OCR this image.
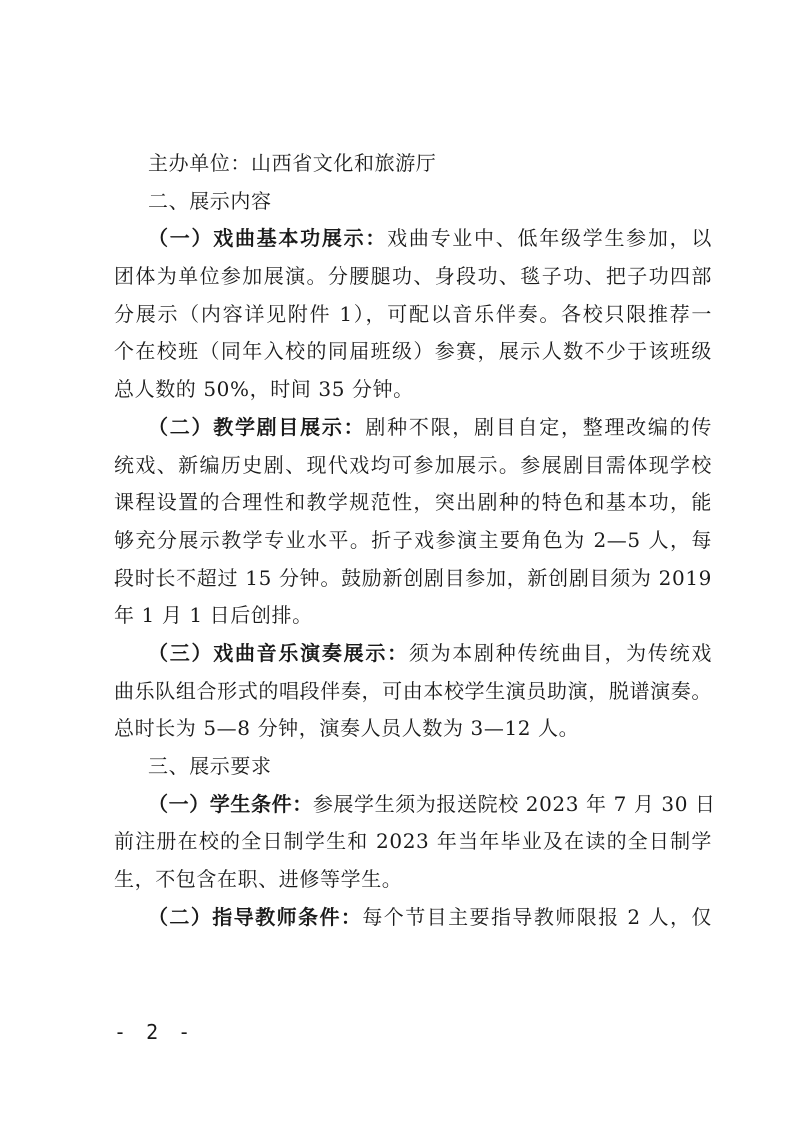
主办单位：山西省文化和旅游厅
二、展示内容
（一）戏曲基本功展示：戏曲专业中、低年级学生参加，以
团体为单位参加展演。分腰腿功、身段功、毯子功、把子功四部
分展示（内容详见附件 1），可配以音乐伴奏。各校只限推荐一
个在校班（同年入校的同届班级）参赛，展示人数不少于该班级
总人数的 50%，时间 35 分钟。
（二）教学剧目展示：剧种不限，剧目自定，整理改编的传
统戏、新编历史剧、现代戏均可参加展示。参展剧目需体现学校
课程设置的合理性和教学规范性，突出剧种的特色和基本功，能
够充分展示教学专业水平。折子戏参演主要角色为 2—5 人，每
段时长不超过 15 分钟。鼓励新创剧目参加，新创剧目须为 2019
年 1 月 1 日后创排。
（三）戏曲音乐演奏展示：须为本剧种传统曲目，为传统戏
曲乐队组合形式的唱段伴奏，可由本校学生演员助演，脱谱演奏。
总时长为 5—8 分钟，演奏人员人数为 3—12 人。
三、展示要求
（一）学生条件：参展学生须为报送院校 2023 年 7 月 30 日
前注册在校的全日制学生和 2023 年当年毕业及在读的全日制学
生，不包含在职、进修等学生。
（二）指导教师条件：每个节目主要指导教师限报 2 人，仅
- 2 -
